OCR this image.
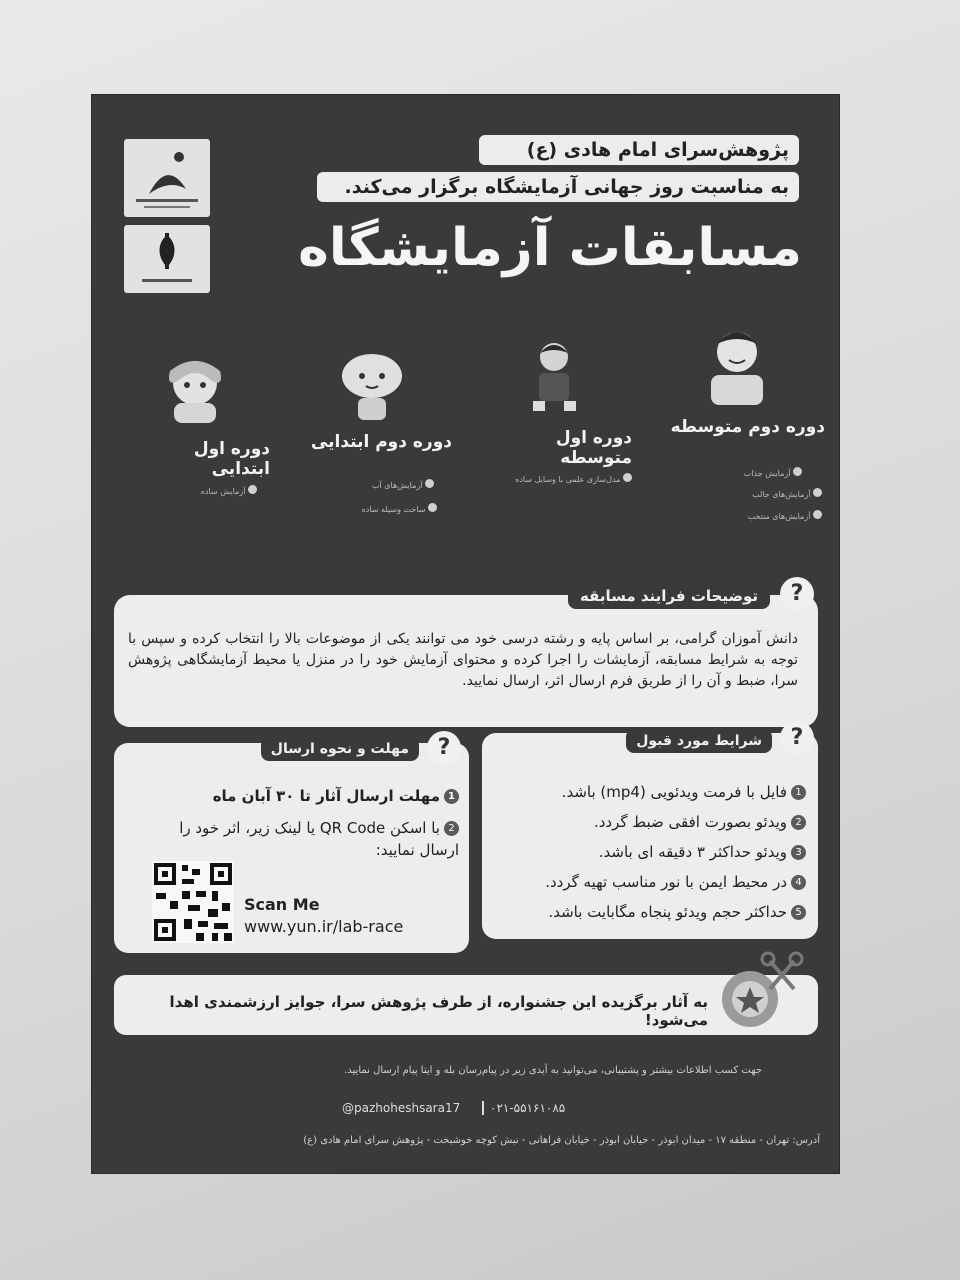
پژوهش‌سرای امام هادی (ع)
به مناسبت روز جهانی آزمایشگاه برگزار می‌کند.
مسابقات آزمایشگاه
دوره دوم متوسطه
دوره اول متوسطه
دوره دوم ابتدایی
دوره اول ابتدایی	آزمایش جذاب
آزمایش‌های جالب
آزمایش‌های منتخب
مدل‌سازی علمی با وسایل ساده
آزمایش‌های آب
ساخت وسیله ساده
آزمایش ساده
توضیحات فرایند مسابقه	?
دانش آموزان گرامی، بر اساس پایه و رشته درسی خود می توانند یکی از موضوعات بالا را انتخاب کرده و سپس با توجه به شرایط مسابقه، آزمایشات را اجرا کرده و محتوای آزمایش خود را در منزل یا محیط آزمایشگاهی پژوهش سرا، ضبط و آن را از طریق فرم ارسال اثر، ارسال نمایید.
شرایط مورد قبول	?
1فایل با فرمت ویدئویی (mp4) باشد.
2ویدئو بصورت افقی ضبط گردد.
3ویدئو حداکثر ۳ دقیقه ای باشد.
4در محیط ایمن با نور مناسب تهیه گردد.
5حداکثر حجم ویدئو پنجاه مگابایت باشد.
مهلت و نحوه ارسال	?
1مهلت ارسال آثار تا ۳۰ آبان ماه
2با اسکن QR Code یا لینک زیر، اثر خود را ارسال نمایید:
Scan Me
www.yun.ir/lab-race
به آثار برگزیده این جشنواره، از طرف پژوهش سرا، جوایز ارزشمندی اهدا می‌شود!
جهت کسب اطلاعات بیشتر و پشتیبانی، می‌توانید به آیدی زیر در پیام‌رسان بله و ایتا پیام ارسال نمایید.
۰۲۱-۵۵۱۶۱۰۸۵
@pazhoheshsara17
آدرس: تهران - منطقه ۱۷ - میدان ابوذر - خیابان ابوذر - خیابان فراهانی - نبش کوچه خوشبخت - پژوهش سرای امام هادی (ع)
